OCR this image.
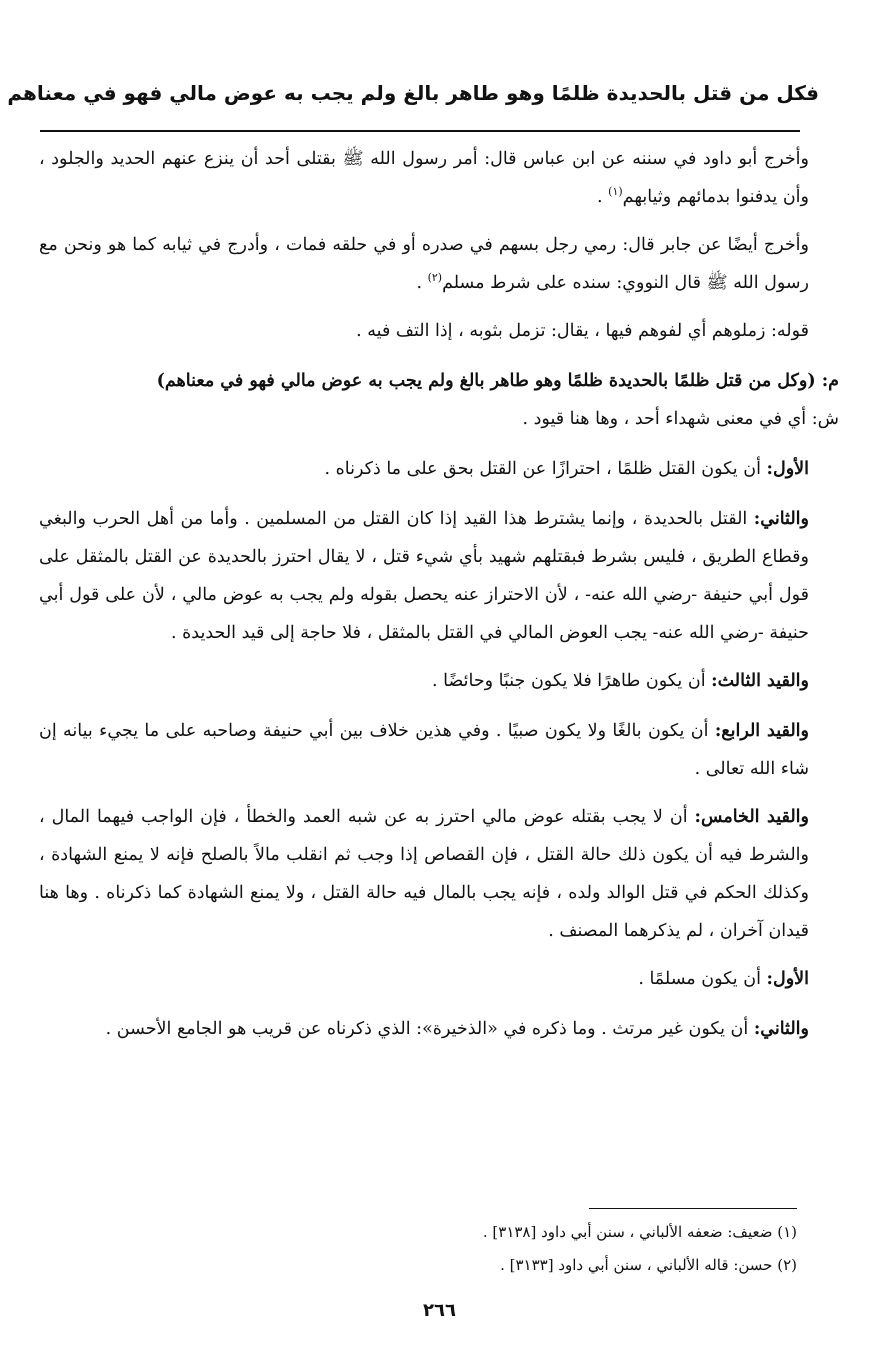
فكل من قتل بالحديدة ظلمًا وهو طاهر بالغ ولم يجب به عوض مالي فهو في معناهم

وأخرج أبو داود في سننه عن ابن عباس قال: أمر رسول الله ﷺ بقتلى أحد أن ينزع عنهم الحديد والجلود ، وأن يدفنوا بدمائهم وثيابهم$^{(١)}$ .

وأخرج أيضًا عن جابر قال: رمي رجل بسهم في صدره أو في حلقه فمات ، وأدرج في ثيابه كما هو ونحن مع رسول الله ﷺ قال النووي: سنده على شرط مسلم$^{(٢)}$ .

قوله: زملوهم أي لفوهم فيها ، يقال: تزمل بثوبه ، إذا التف فيه .

م: (وكل من قتل ظلمًا بالحديدة ظلمًا وهو طاهر بالغ ولم يجب به عوض مالي فهو في معناهم)

ش: أي في معنى شهداء أحد ، وها هنا قيود .

الأول: أن يكون القتل ظلمًا ، احترازًا عن القتل بحق على ما ذكرناه .

والثاني: القتل بالحديدة ، وإنما يشترط هذا القيد إذا كان القتل من المسلمين . وأما من أهل الحرب والبغي وقطاع الطريق ، فليس بشرط فبقتلهم شهيد بأي شيء قتل ، لا يقال احترز بالحديدة عن القتل بالمثقل على قول أبي حنيفة -رضي الله عنه- ، لأن الاحتراز عنه يحصل بقوله ولم يجب به عوض مالي ، لأن على قول أبي حنيفة -رضي الله عنه- يجب العوض المالي في القتل بالمثقل ، فلا حاجة إلى قيد الحديدة .

والقيد الثالث: أن يكون طاهرًا فلا يكون جنبًا وحائضًا .

والقيد الرابع: أن يكون بالغًا ولا يكون صبيًا . وفي هذين خلاف بين أبي حنيفة وصاحبه على ما يجيء بيانه إن شاء الله تعالى .

والقيد الخامس: أن لا يجب بقتله عوض مالي احترز به عن شبه العمد والخطأ ، فإن الواجب فيهما المال ، والشرط فيه أن يكون ذلك حالة القتل ، فإن القصاص إذا وجب ثم انقلب مالاً بالصلح فإنه لا يمنع الشهادة ، وكذلك الحكم في قتل الوالد ولده ، فإنه يجب بالمال فيه حالة القتل ، ولا يمنع الشهادة كما ذكرناه . وها هنا قيدان آخران ، لم يذكرهما المصنف .

الأول: أن يكون مسلمًا .

والثاني: أن يكون غير مرتث . وما ذكره في «الذخيرة»: الذي ذكرناه عن قريب هو الجامع الأحسن .

(١) ضعيف: ضعفه الألباني ، سنن أبي داود [٣١٣٨] .
(٢) حسن: قاله الألباني ، سنن أبي داود [٣١٣٣] .
٢٦٦
